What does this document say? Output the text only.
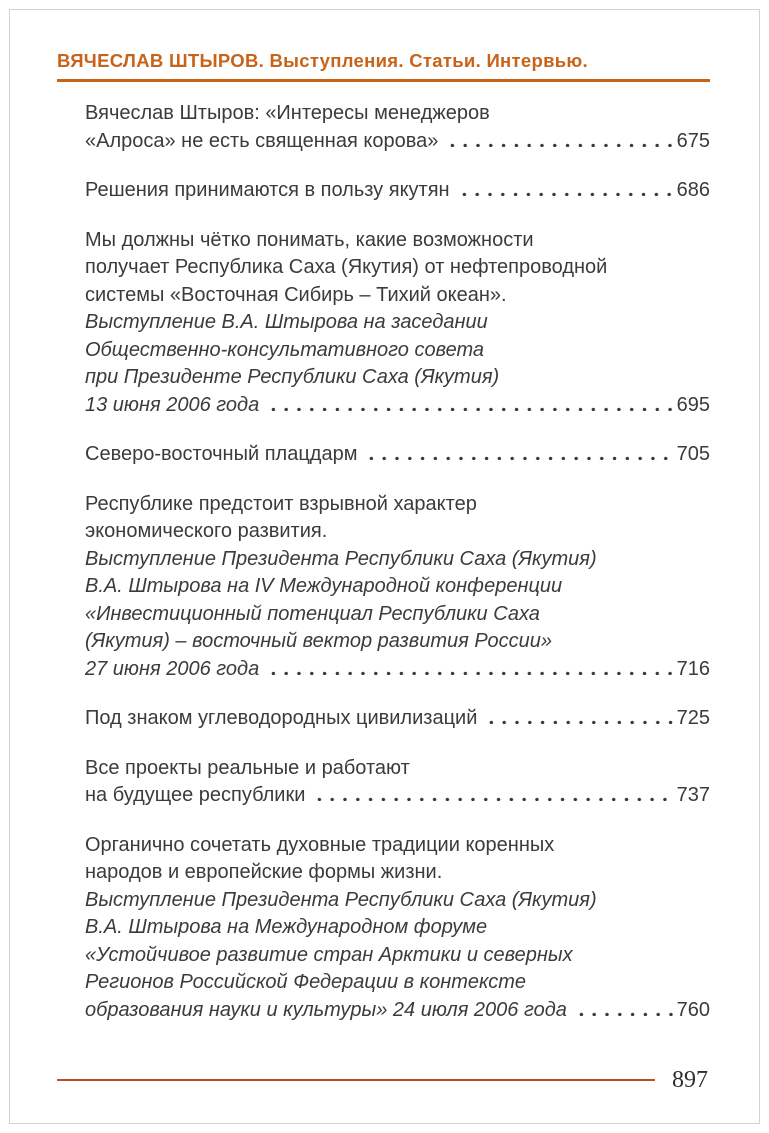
ВЯЧЕСЛАВ ШТЫРОВ. Выступления. Статьи. Интервью.
Вячеслав Штыров: «Интересы менеджеров
«Алроса» не есть священная корова»	675
Решения принимаются в пользу якутян	686
Мы должны чётко понимать, какие возможности
получает Республика Саха (Якутия) от нефтепроводной
системы «Восточная Сибирь – Тихий океан».
Выступление В.А. Штырова на заседании
Общественно-консультативного совета
при Президенте Республики Саха (Якутия)
13 июня 2006 года	695
Северо-восточный плацдарм	705
Республике предстоит взрывной характер
экономического развития.
Выступление Президента Республики Саха (Якутия)
В.А. Штырова на IV Международной конференции
«Инвестиционный потенциал Республики Саха
(Якутия) – восточный вектор развития России»
27 июня 2006 года	716
Под знаком углеводородных цивилизаций	725
Все проекты реальные и работают
на будущее республики	737
Органично сочетать духовные традиции коренных
народов и европейские формы жизни.
Выступление Президента Республики Саха (Якутия)
В.А. Штырова на Международном форуме
«Устойчивое развитие стран Арктики и северных
Регионов Российской Федерации в контексте
образования науки и культуры» 24 июля 2006 года	760
897
